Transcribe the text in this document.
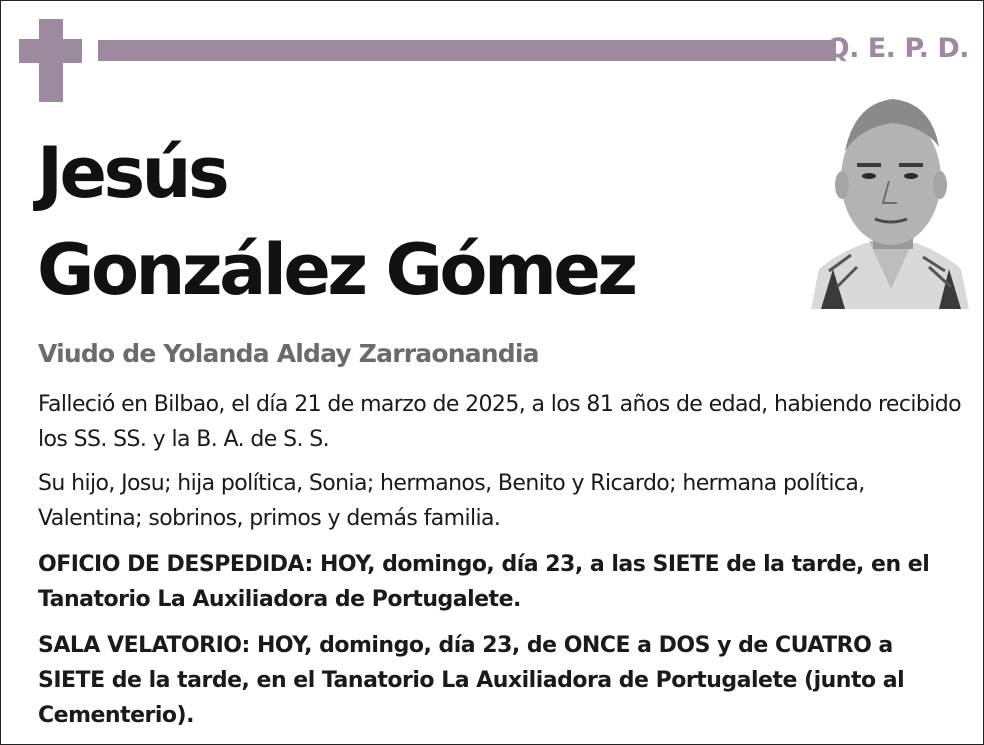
Q. E. P. D.
Jesús
González Gómez
Viudo de Yolanda Alday Zarraonandia
Falleció en Bilbao, el día 21 de marzo de 2025, a los 81 años de edad, habiendo recibido los SS. SS. y la B. A. de S. S.
Su hijo, Josu; hija política, Sonia; hermanos, Benito y Ricardo; hermana política, Valentina; sobrinos, primos y demás familia.
OFICIO DE DESPEDIDA: HOY, domingo, día 23, a las SIETE de la tarde, en el Tanatorio La Auxiliadora de Portugalete.
SALA VELATORIO: HOY, domingo, día 23, de ONCE a DOS y de CUATRO a SIETE de la tarde, en el Tanatorio La Auxiliadora de Portugalete (junto al Cementerio).
